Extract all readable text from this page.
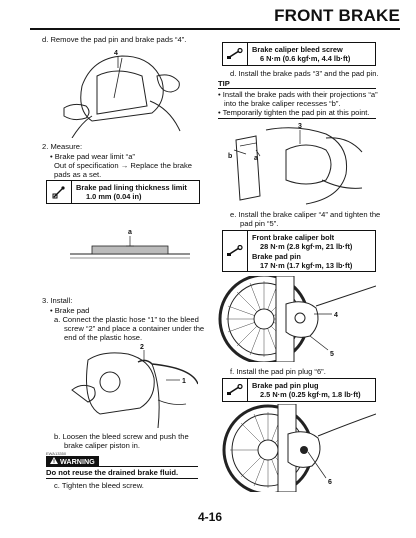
FRONT BRAKE
d. Remove the pad pin and brake pads “4”.
4
2. Measure:
• Brake pad wear limit “a”
Out of specification → Replace the brake
pads as a set.
Brake pad lining thickness limit
1.0 mm (0.04 in)
a
3. Install:
• Brake pad
a. Connect the plastic hose “1” to the bleed
screw “2” and place a container under the
end of the plastic hose.
2
1
b. Loosen the bleed screw and push the
brake caliper piston in.
EWA13350
WARNING
Do not reuse the drained brake fluid.
c. Tighten the bleed screw.
Brake caliper bleed screw
6 N·m (0.6 kgf·m, 4.4 lb·ft)
d. Install the brake pads “3” and the pad pin.
TIP
• Install the brake pads with their projections “a”
into the brake caliper recesses “b”.
• Temporarily tighten the pad pin at this point.
3
b	a
e. Install the brake caliper “4” and tighten the
pad pin “5”.
Front brake caliper bolt
28 N·m (2.8 kgf·m, 21 lb·ft)
Brake pad pin
17 N·m (1.7 kgf·m, 13 lb·ft)
4
5
f. Install the pad pin plug “6”.
Brake pad pin plug
2.5 N·m (0.25 kgf·m, 1.8 lb·ft)
6
4-16
